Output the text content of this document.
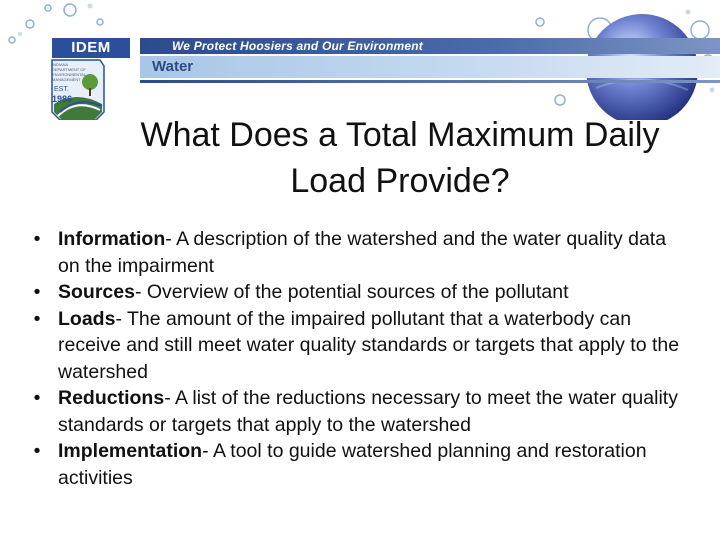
We Protect Hoosiers and Our Environment
Water
IDEM
INDIANA DEPARTMENT OF ENVIRONMENTAL MANAGEMENT
EST.
1986
What Does a Total Maximum Daily Load Provide?
• Information- A description of the watershed and the water quality data on the impairment
• Sources- Overview of the potential sources of the pollutant
• Loads- The amount of the impaired pollutant that a waterbody can receive and still meet water quality standards or targets that apply to the watershed
• Reductions- A list of the reductions necessary to meet the water quality standards or targets that apply to the watershed
• Implementation- A tool to guide watershed planning and restoration activities
